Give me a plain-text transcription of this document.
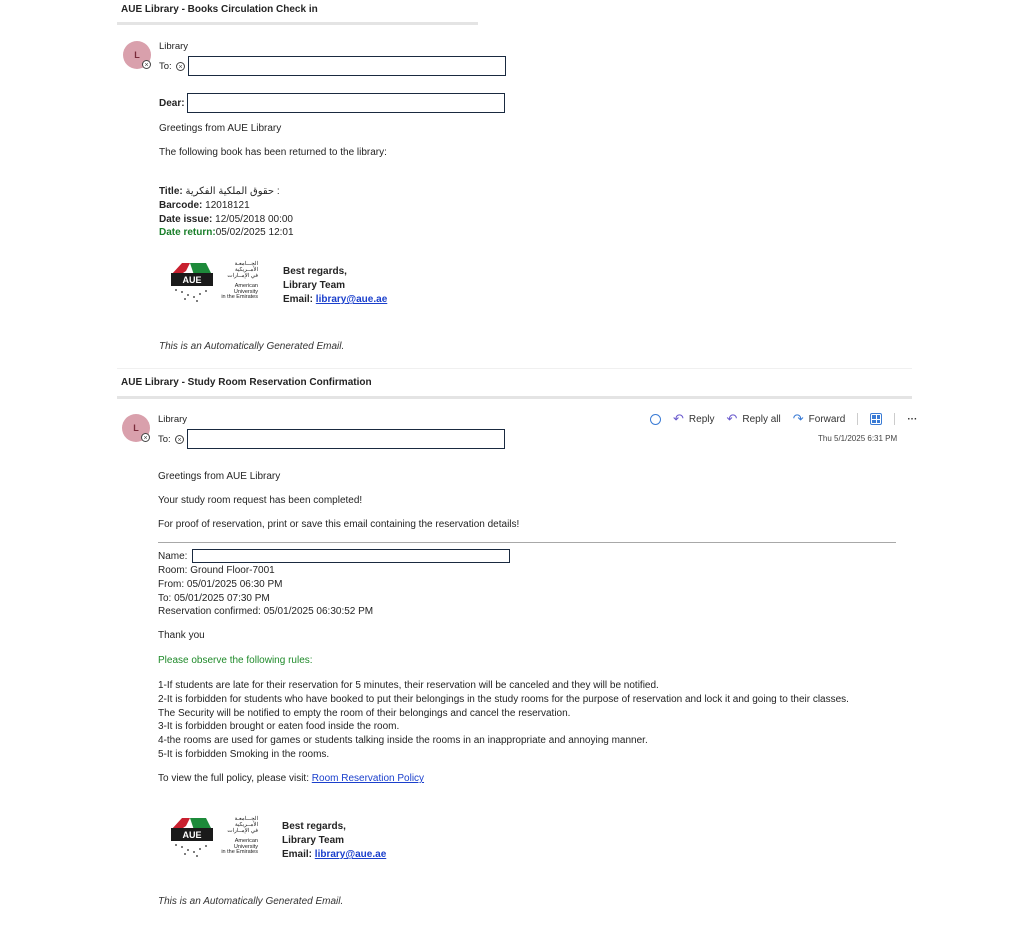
AUE Library - Books Circulation Check in
L
×
Library
To: ×
Dear:
Greetings from AUE Library
The following book has been returned to the library:
Title: حقوق الملكية الفكرية :
Barcode: 12018121
Date issue: 12/05/2018 00:00
Date return:05/02/2025 12:01
AUE
الجـــامعـة
الأمــريكية
في الإمــارات
American
University
in the Emirates
Best regards,
Library Team
Email: library@aue.ae
This is an Automatically Generated Email.
AUE Library - Study Room Reservation Confirmation
L
×
Library
To: ×
↶ Reply ↶ Reply all ↷ Forward	···
Thu 5/1/2025 6:31 PM
Greetings from AUE Library
Your study room request has been completed!
For proof of reservation, print or save this email containing the reservation details!
Name:
Room: Ground Floor-7001
From: 05/01/2025 06:30 PM
To: 05/01/2025 07:30 PM
Reservation confirmed: 05/01/2025 06:30:52 PM
Thank you
Please observe the following rules:
1-If students are late for their reservation for 5 minutes, their reservation will be canceled and they will be notified.
2-It is forbidden for students who have booked to put their belongings in the study rooms for the purpose of reservation and lock it and going to their classes.
The Security will be notified to empty the room of their belongings and cancel the reservation.
3-It is forbidden brought or eaten food inside the room.
4-the rooms are used for games or students talking inside the rooms in an inappropriate and annoying manner.
5-It is forbidden Smoking in the rooms.
To view the full policy, please visit: Room Reservation Policy
AUE
الجـــامعـة
الأمــريكية
في الإمــارات
American
University
in the Emirates
Best regards,
Library Team
Email: library@aue.ae
This is an Automatically Generated Email.
